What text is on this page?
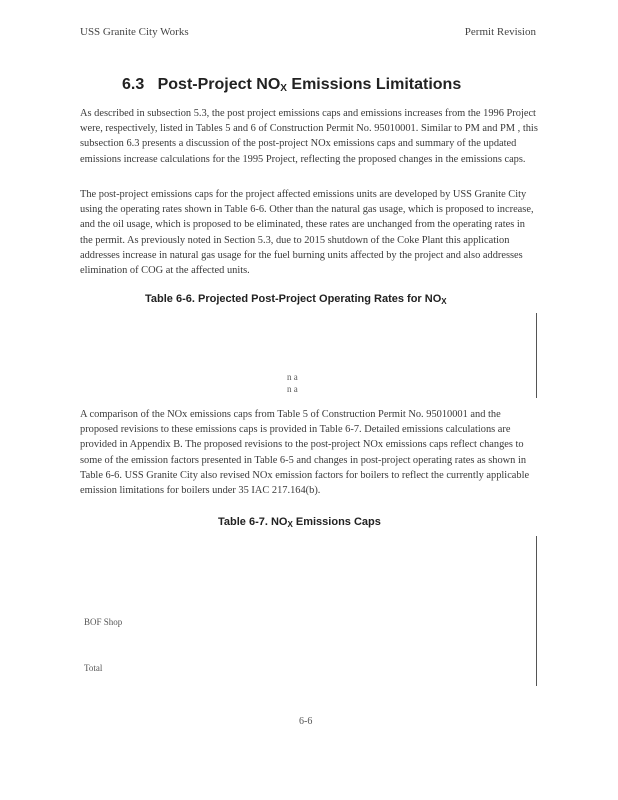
USS Granite City Works	Permit Revision
6.3 Post-Project NOX Emissions Limitations

As described in subsection 5.3, the post project emissions caps and emissions increases from the 1996 Project were, respectively, listed in Tables 5 and 6 of Construction Permit No. 95010001. Similar to PM and PM , this subsection 6.3 presents a discussion of the post-project NOx emissions caps and summary of the updated emissions increase calculations for the 1995 Project, reflecting the proposed changes in the emissions caps.

The post-project emissions caps for the project affected emissions units are developed by USS Granite City using the operating rates shown in Table 6-6. Other than the natural gas usage, which is proposed to increase, and the oil usage, which is proposed to be eliminated, these rates are unchanged from the operating rates in the permit. As previously noted in Section 5.3, due to 2015 shutdown of the Coke Plant this application addresses increase in natural gas usage for the fuel burning units affected by the project and also addresses elimination of COG at the affected units.

Table 6-6. Projected Post-Project Operating Rates for NOX

n a
n a

A comparison of the NOx emissions caps from Table 5 of Construction Permit No. 95010001 and the proposed revisions to these emissions caps is provided in Table 6-7. Detailed emissions calculations are provided in Appendix B. The proposed revisions to the post-project NOx emissions caps reflect changes to some of the emission factors presented in Table 6-5 and changes in post-project operating rates as shown in Table 6-6. USS Granite City also revised NOx emission factors for boilers to reflect the currently applicable emission limitations for boilers under 35 IAC 217.164(b).

Table 6-7. NOX Emissions Caps

BOF Shop
Total
6-6
